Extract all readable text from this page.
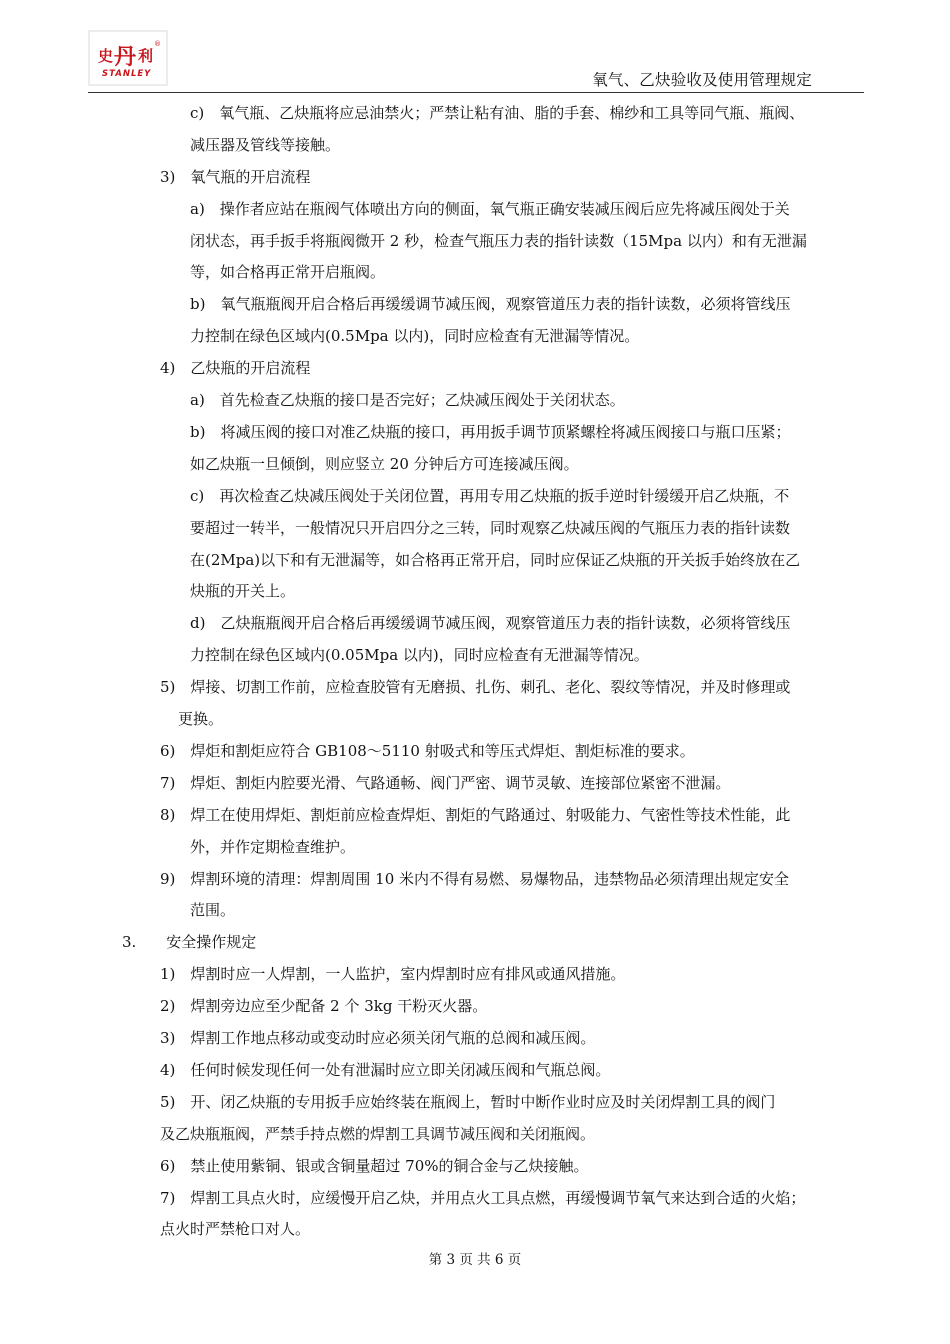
史 丹 利
®
STANLEY	氧气、乙炔验收及使用管理规定
c)　氧气瓶、乙炔瓶将应忌油禁火；严禁让粘有油、脂的手套、棉纱和工具等同气瓶、瓶阀、
减压器及管线等接触。
3)　氧气瓶的开启流程
a)　操作者应站在瓶阀气体喷出方向的侧面，氧气瓶正确安装减压阀后应先将减压阀处于关
闭状态，再手扳手将瓶阀微开 2 秒，检查气瓶压力表的指针读数（15Mpa 以内）和有无泄漏
等，如合格再正常开启瓶阀。
b)　氧气瓶瓶阀开启合格后再缓缓调节减压阀，观察管道压力表的指针读数，必须将管线压
力控制在绿色区域内(0.5Mpa 以内)，同时应检查有无泄漏等情况。
4)　乙炔瓶的开启流程
a)　首先检查乙炔瓶的接口是否完好；乙炔减压阀处于关闭状态。
b)　将减压阀的接口对准乙炔瓶的接口，再用扳手调节顶紧螺栓将减压阀接口与瓶口压紧；
如乙炔瓶一旦倾倒，则应竖立 20 分钟后方可连接减压阀。
c)　再次检查乙炔减压阀处于关闭位置，再用专用乙炔瓶的扳手逆时针缓缓开启乙炔瓶，不
要超过一转半，一般情况只开启四分之三转，同时观察乙炔减压阀的气瓶压力表的指针读数
在(2Mpa)以下和有无泄漏等，如合格再正常开启，同时应保证乙炔瓶的开关扳手始终放在乙
炔瓶的开关上。
d)　乙炔瓶瓶阀开启合格后再缓缓调节减压阀，观察管道压力表的指针读数，必须将管线压
力控制在绿色区域内(0.05Mpa 以内)，同时应检查有无泄漏等情况。
5)　焊接、切割工作前，应检查胶管有无磨损、扎伤、刺孔、老化、裂纹等情况，并及时修理或
更换。
6)　焊炬和割炬应符合 GB108～5110 射吸式和等压式焊炬、割炬标准的要求。
7)　焊炬、割炬内腔要光滑、气路通畅、阀门严密、调节灵敏、连接部位紧密不泄漏。
8)　焊工在使用焊炬、割炬前应检查焊炬、割炬的气路通过、射吸能力、气密性等技术性能，此
外，并作定期检查维护。
9)　焊割环境的清理：焊割周围 10 米内不得有易燃、易爆物品，违禁物品必须清理出规定安全
范围。
3.　　安全操作规定
1)　焊割时应一人焊割，一人监护，室内焊割时应有排风或通风措施。
2)　焊割旁边应至少配备 2 个 3kg 干粉灭火器。
3)　焊割工作地点移动或变动时应必须关闭气瓶的总阀和减压阀。
4)　任何时候发现任何一处有泄漏时应立即关闭减压阀和气瓶总阀。
5)　开、闭乙炔瓶的专用扳手应始终装在瓶阀上，暂时中断作业时应及时关闭焊割工具的阀门
及乙炔瓶瓶阀，严禁手持点燃的焊割工具调节减压阀和关闭瓶阀。
6)　禁止使用紫铜、银或含铜量超过 70%的铜合金与乙炔接触。
7)　焊割工具点火时，应缓慢开启乙炔，并用点火工具点燃，再缓慢调节氧气来达到合适的火焰；
点火时严禁枪口对人。
第 3 页 共 6 页
